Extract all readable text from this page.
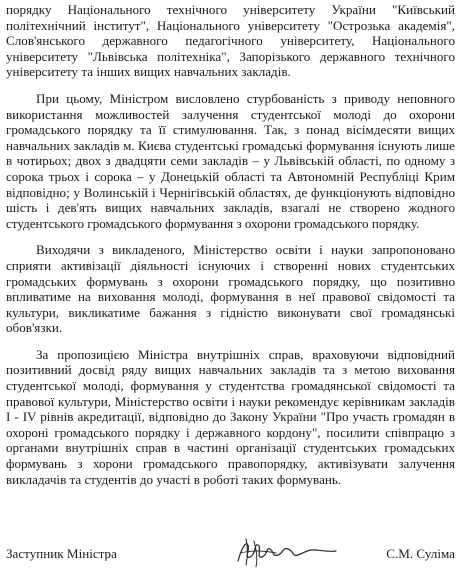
порядку Національного технічного університету України "Київський політехнічний інститут", Національного університету "Острозька академія", Слов'янського державного педагогічного університету, Національного університету "Львівська політехніка", Запорізького державного технічного університету та інших вищих навчальних закладів.

При цьому, Міністром висловлено стурбованість з приводу неповного використання можливостей залучення студентської молоді до охорони громадського порядку та її стимулювання. Так, з понад вісімдесяти вищих навчальних закладів м. Києва студентські громадські формування існують лише в чотирьох; двох з двадцяти семи закладів – у Львівській області, по одному з сорока трьох і сорока – у Донецькій області та Автономній Республіці Крим відповідно; у Волинській і Чернігівській областях, де функціонують відповідно шість і дев'ять вищих навчальних закладів, взагалі не створено жодного студентського громадського формування з охорони громадського порядку.

Виходячи з викладеного, Міністерство освіти і науки запропоновано сприяти активізації діяльності існуючих і створенні нових студентських громадських формувань з охорони громадського порядку, що позитивно впливатиме на виховання молоді, формування в неї правової свідомості та культури, викликатиме бажання з гідністю виконувати свої громадянські обов'язки.

За пропозицією Міністра внутрішніх справ, враховуючи відповідний позитивний досвід ряду вищих навчальних закладів та з метою виховання студентської молоді, формування у студентства громадянської свідомості та правової культури, Міністерство освіти і науки рекомендує керівникам закладів І - IV рівнів акредитації, відповідно до Закону України "Про участь громадян в охороні громадського порядку і державного кордону", посилити співпрацю з органами внутрішніх справ в частині організації студентських громадських формувань з хорони громадського правопорядку, активізувати залучення викладачів та студентів до участі в роботі таких формувань.

Заступник Міністра	С.М. Суліма
